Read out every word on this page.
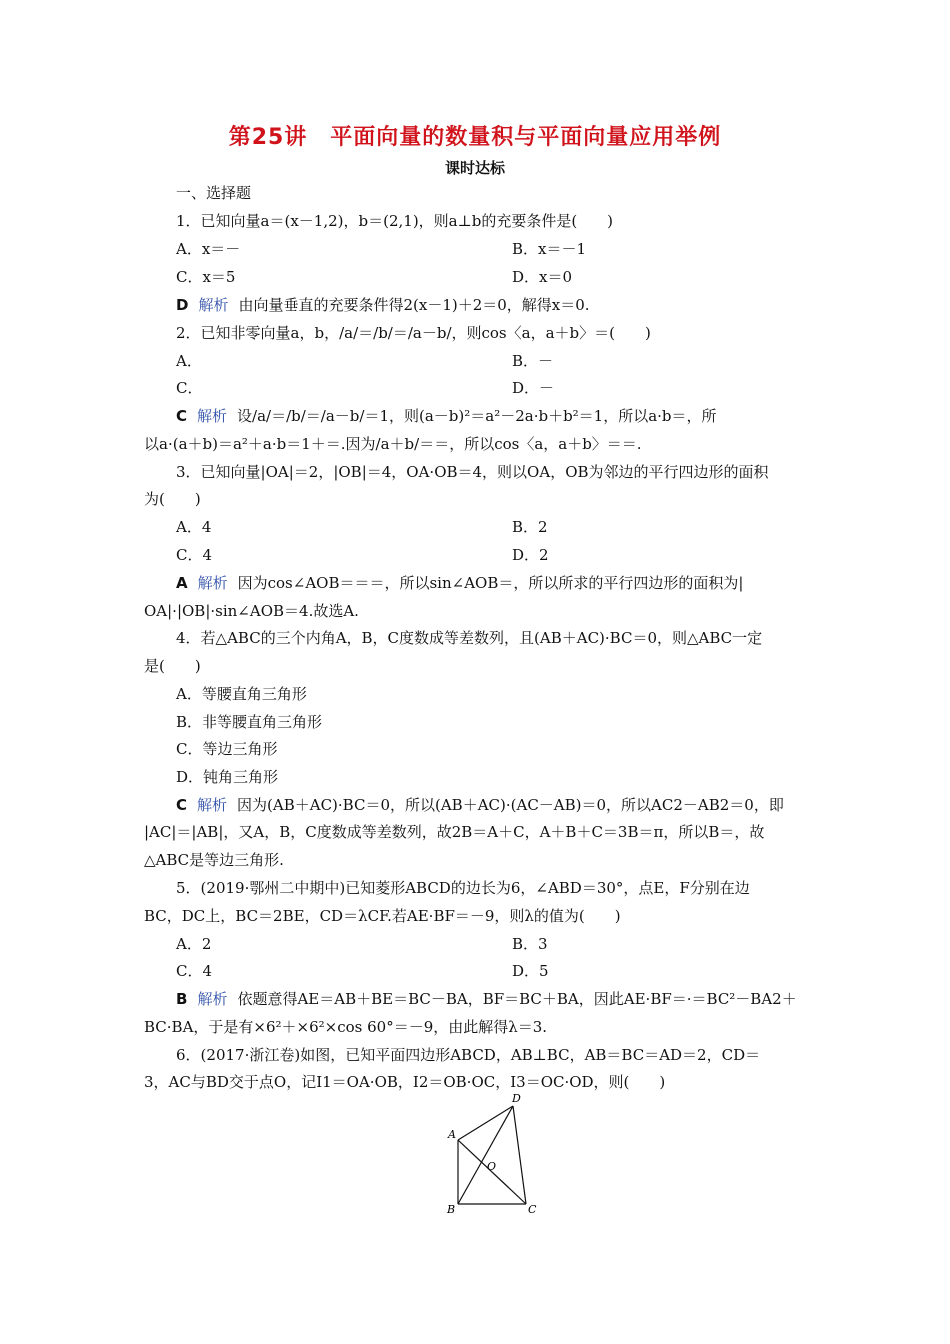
第25讲　平面向量的数量积与平面向量应用举例
课时达标
一、选择题
1．已知向量a＝(x－1,2)，b＝(2,1)，则a⊥b的充要条件是(　　)
A．x＝－	B．x＝－1
C．x＝5	D．x＝0
D 解析 由向量垂直的充要条件得2(x－1)＋2＝0，解得x＝0.
2．已知非零向量a，b，/a/＝/b/＝/a－b/，则cos〈a，a＋b〉＝(　　)
A．	B．－
C．	D．－
C 解析 设/a/＝/b/＝/a－b/＝1，则(a－b)²＝a²－2a·b＋b²＝1，所以a·b＝，所
以a·(a＋b)＝a²＋a·b＝1＋＝.因为/a＋b/＝＝，所以cos〈a，a＋b〉＝＝.
3．已知向量|OA|＝2，|OB|＝4，OA·OB＝4，则以OA，OB为邻边的平行四边形的面积
为(　　)
A．4	B．2
C．4	D．2
A 解析 因为cos∠AOB＝＝＝，所以sin∠AOB＝，所以所求的平行四边形的面积为|
OA|·|OB|·sin∠AOB＝4.故选A.
4．若△ABC的三个内角A，B，C度数成等差数列，且(AB＋AC)·BC＝0，则△ABC一定
是(　　)
A．等腰直角三角形
B．非等腰直角三角形
C．等边三角形
D．钝角三角形
C 解析 因为(AB＋AC)·BC＝0，所以(AB＋AC)·(AC－AB)＝0，所以AC2－AB2＝0，即
|AC|＝|AB|，又A，B，C度数成等差数列，故2B＝A＋C，A＋B＋C＝3B＝π，所以B＝，故
△ABC是等边三角形.
5．(2019·鄂州二中期中)已知菱形ABCD的边长为6，∠ABD＝30°，点E，F分别在边
BC，DC上，BC＝2BE，CD＝λCF.若AE·BF＝－9，则λ的值为(　　)
A．2	B．3
C．4	D．5
B 解析 依题意得AE＝AB＋BE＝BC－BA，BF＝BC＋BA，因此AE·BF＝·＝BC²－BA2＋
BC·BA，于是有×6²＋×6²×cos 60°＝－9，由此解得λ＝3.
6．(2017·浙江卷)如图，已知平面四边形ABCD，AB⊥BC，AB＝BC＝AD＝2，CD＝
3，AC与BD交于点O，记I1＝OA·OB，I2＝OB·OC，I3＝OC·OD，则(　　)
A
B	C
D
O
